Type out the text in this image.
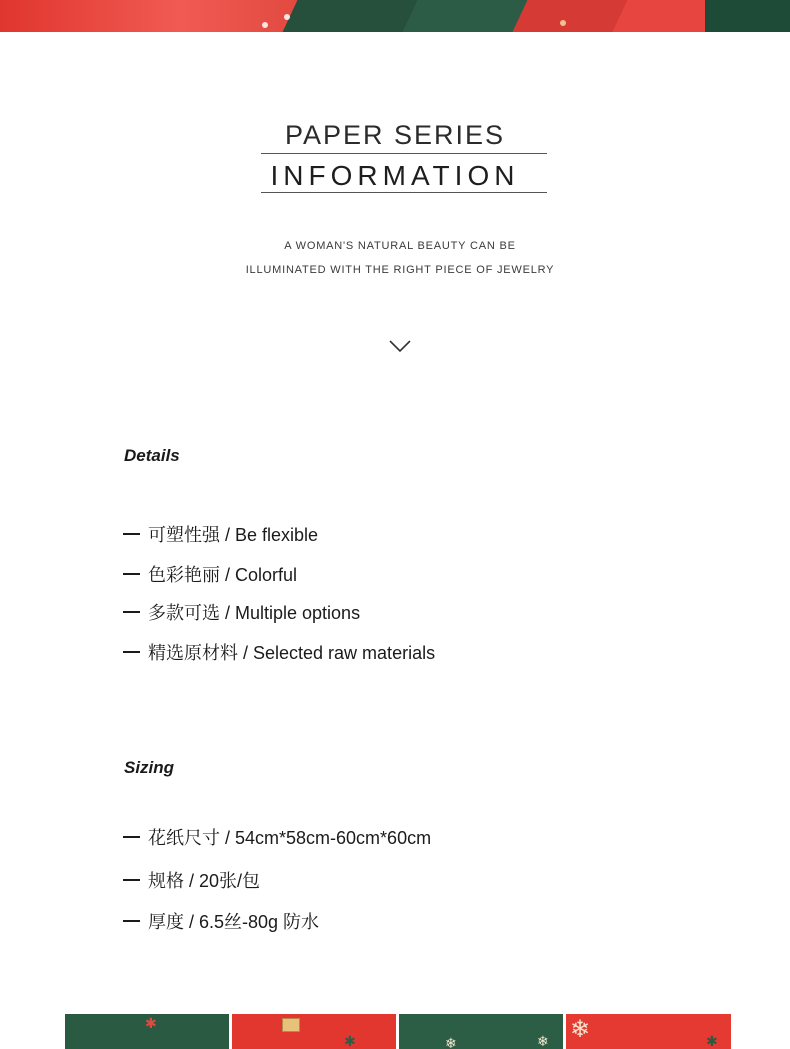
PAPER SERIES
INFORMATION
A WOMAN'S NATURAL BEAUTY CAN BE
ILLUMINATED WITH THE RIGHT PIECE OF JEWELRY
Details
可塑性强 / Be flexible
色彩艳丽 / Colorful
多款可选 / Multiple options
精选原材料 / Selected raw materials
Sizing
花纸尺寸 / 54cm*58cm-60cm*60cm
规格 / 20张/包
厚度 / 6.5丝-80g 防水
✱
✱	❄	❄ ❄	✱
